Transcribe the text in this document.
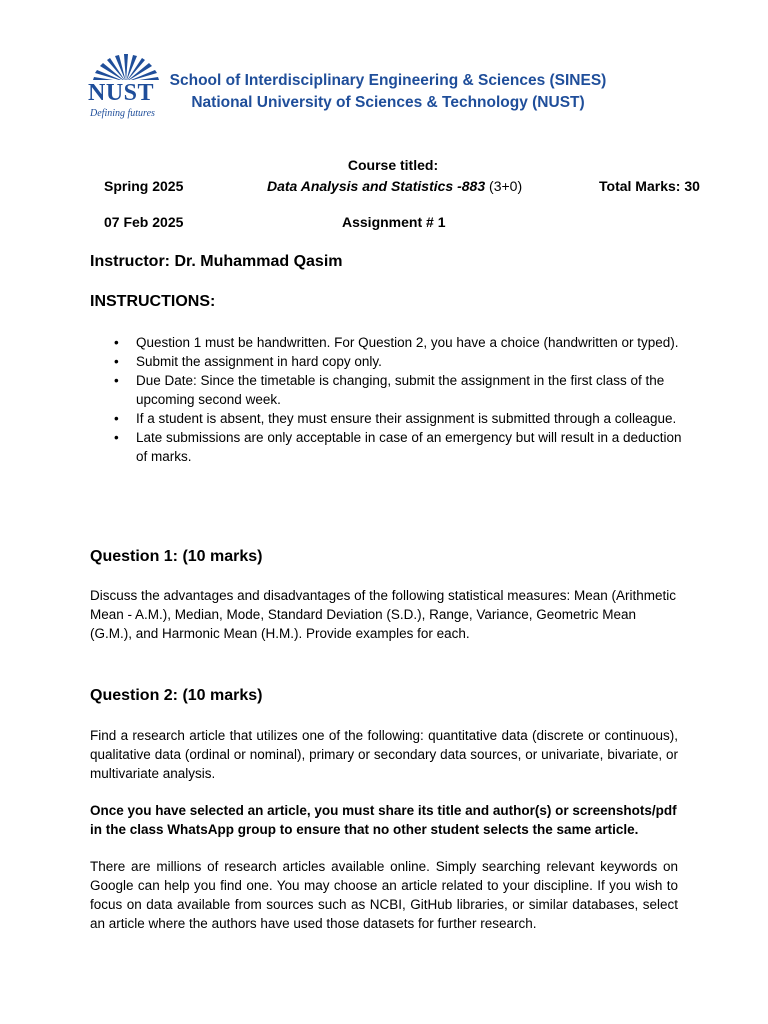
NUST
Defining futures
School of Interdisciplinary Engineering & Sciences (SINES)
National University of Sciences & Technology (NUST)
Course titled:
Spring 2025	Data Analysis and Statistics -883 (3+0)	Total Marks: 30
07 Feb 2025	Assignment # 1
Instructor: Dr. Muhammad Qasim
INSTRUCTIONS:
• Question 1 must be handwritten. For Question 2, you have a choice (handwritten or typed).
• Submit the assignment in hard copy only.
• Due Date: Since the timetable is changing, submit the assignment in the first class of the upcoming second week.
• If a student is absent, they must ensure their assignment is submitted through a colleague.
• Late submissions are only acceptable in case of an emergency but will result in a deduction of marks.
Question 1: (10 marks)
Discuss the advantages and disadvantages of the following statistical measures: Mean (Arithmetic Mean - A.M.), Median, Mode, Standard Deviation (S.D.), Range, Variance, Geometric Mean (G.M.), and Harmonic Mean (H.M.). Provide examples for each.
Question 2: (10 marks)
Find a research article that utilizes one of the following: quantitative data (discrete or continuous), qualitative data (ordinal or nominal), primary or secondary data sources, or univariate, bivariate, or multivariate analysis.
Once you have selected an article, you must share its title and author(s) or screenshots/pdf in the class WhatsApp group to ensure that no other student selects the same article.
There are millions of research articles available online. Simply searching relevant keywords on Google can help you find one. You may choose an article related to your discipline. If you wish to focus on data available from sources such as NCBI, GitHub libraries, or similar databases, select an article where the authors have used those datasets for further research.
